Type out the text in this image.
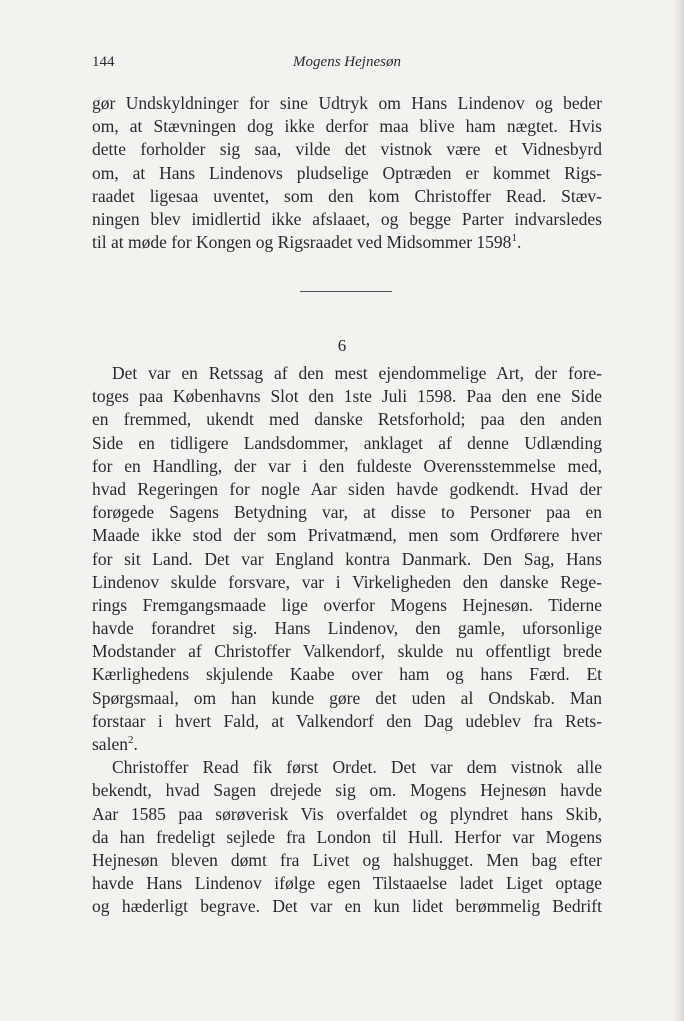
144	Mogens Hejnesøn
gør Undskyldninger for sine Udtryk om Hans Lindenov og beder
om, at Stævningen dog ikke derfor maa blive ham nægtet. Hvis
dette forholder sig saa, vilde det vistnok være et Vidnesbyrd
om, at Hans Lindenovs pludselige Optræden er kommet Rigs-
raadet ligesaa uventet, som den kom Christoffer Read. Stæv-
ningen blev imidlertid ikke afslaaet, og begge Parter indvarsledes
til at møde for Kongen og Rigsraadet ved Midsommer 1598$^1$.
6
Det var en Retssag af den mest ejendommelige Art, der fore-
toges paa Københavns Slot den 1ste Juli 1598. Paa den ene Side
en fremmed, ukendt med danske Retsforhold; paa den anden
Side en tidligere Landsdommer, anklaget af denne Udlænding
for en Handling, der var i den fuldeste Overensstemmelse med,
hvad Regeringen for nogle Aar siden havde godkendt. Hvad der
forøgede Sagens Betydning var, at disse to Personer paa en
Maade ikke stod der som Privatmænd, men som Ordførere hver
for sit Land. Det var England kontra Danmark. Den Sag, Hans
Lindenov skulde forsvare, var i Virkeligheden den danske Rege-
rings Fremgangsmaade lige overfor Mogens Hejnesøn. Tiderne
havde forandret sig. Hans Lindenov, den gamle, uforsonlige
Modstander af Christoffer Valkendorf, skulde nu offentligt brede
Kærlighedens skjulende Kaabe over ham og hans Færd. Et
Spørgsmaal, om han kunde gøre det uden al Ondskab. Man
forstaar i hvert Fald, at Valkendorf den Dag udeblev fra Rets-
salen$^2$.
Christoffer Read fik først Ordet. Det var dem vistnok alle
bekendt, hvad Sagen drejede sig om. Mogens Hejnesøn havde
Aar 1585 paa sørøverisk Vis overfaldet og plyndret hans Skib,
da han fredeligt sejlede fra London til Hull. Herfor var Mogens
Hejnesøn bleven dømt fra Livet og halshugget. Men bag efter
havde Hans Lindenov ifølge egen Tilstaaelse ladet Liget optage
og hæderligt begrave. Det var en kun lidet berømmelig Bedrift
